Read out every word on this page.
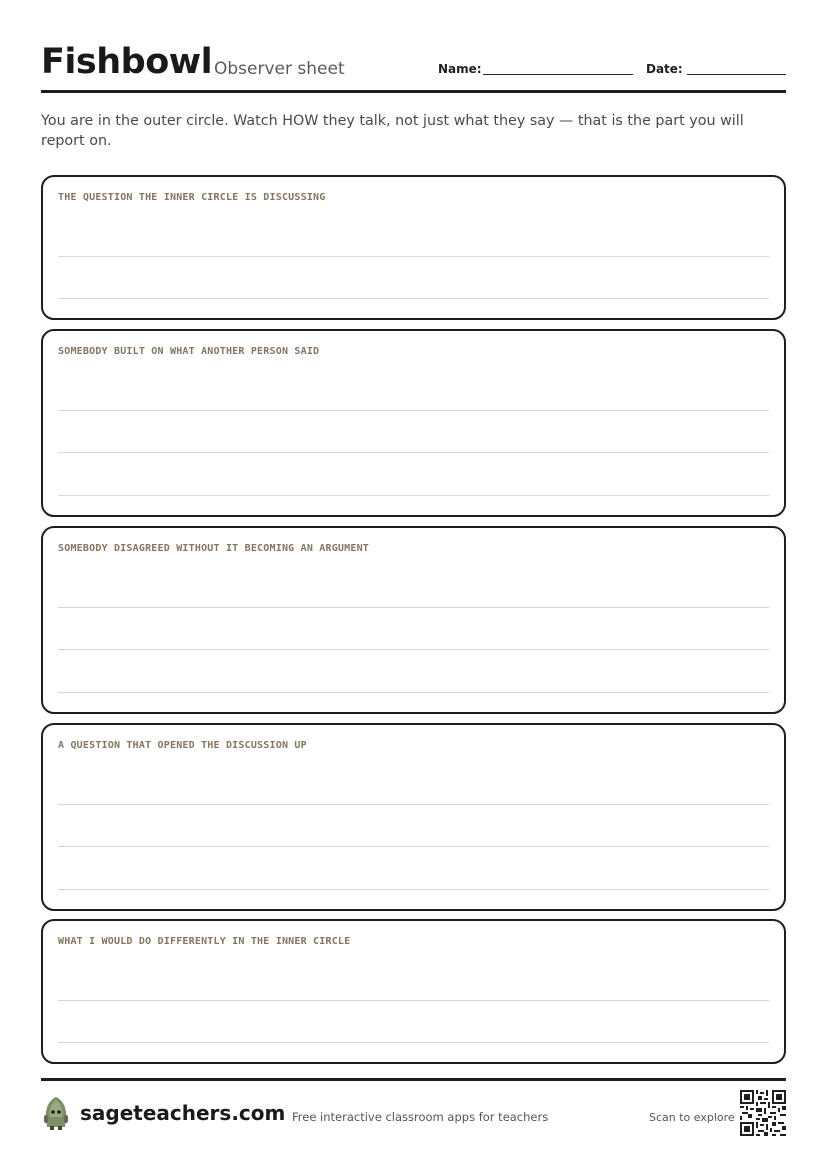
Fishbowl Observer sheet	Name:	Date:
You are in the outer circle. Watch HOW they talk, not just what they say — that is the part you will report on.
THE QUESTION THE INNER CIRCLE IS DISCUSSING
SOMEBODY BUILT ON WHAT ANOTHER PERSON SAID
SOMEBODY DISAGREED WITHOUT IT BECOMING AN ARGUMENT
A QUESTION THAT OPENED THE DISCUSSION UP
WHAT I WOULD DO DIFFERENTLY IN THE INNER CIRCLE
sageteachers.com Free interactive classroom apps for teachers	Scan to explore
